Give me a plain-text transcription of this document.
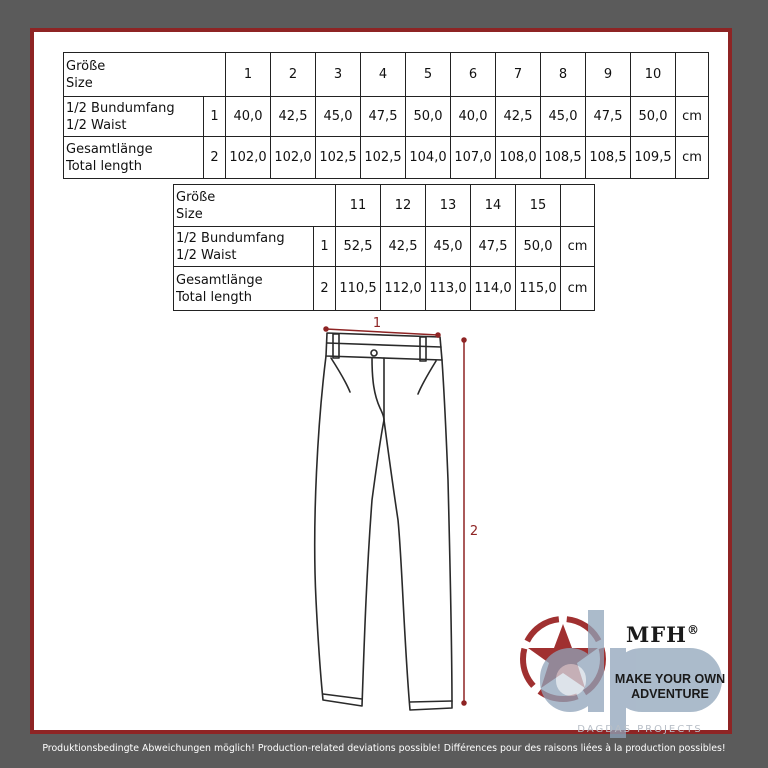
Größe
Size		1	2	3	4	5	6	7	8	9	10	

1/2 Bundumfang
1/2 Waist	1	40,0	42,5	45,0	47,5	50,0	40,0	42,5	45,0	47,5	50,0	cm

Gesamtlänge
Total length	2	102,0	102,0	102,5	102,5	104,0	107,0	108,0	108,5	108,5	109,5	cm
Größe
Size		11	12	13	14	15	

1/2 Bundumfang
1/2 Waist	1	52,5	42,5	45,0	47,5	50,0	cm

Gesamtlänge
Total length	2	110,5	112,0	113,0	114,0	115,0	cm
1
2
MFH®
MAKE YOUR OWN
ADVENTURE
DAGDAS PROJECTS
Produktionsbedingte Abweichungen möglich! Production-related deviations possible! Différences pour des raisons liées à la production possibles!
